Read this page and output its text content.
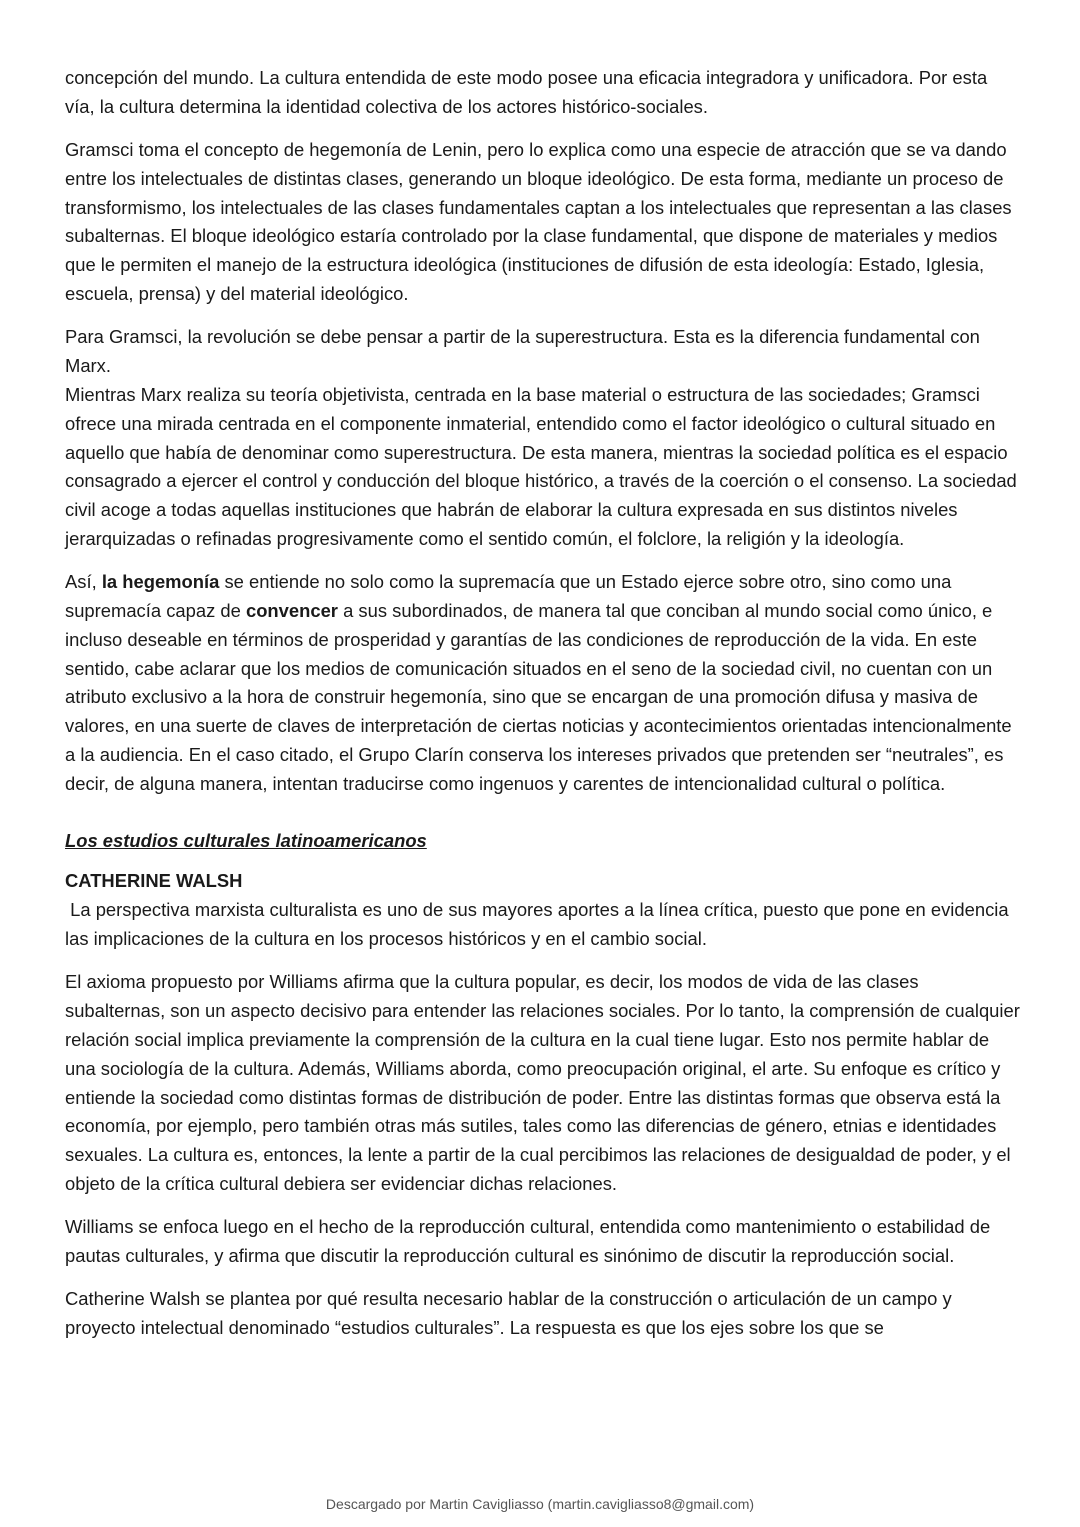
concepción del mundo. La cultura entendida de este modo posee una eficacia integradora y unificadora. Por esta vía, la cultura determina la identidad colectiva de los actores histórico-sociales.

Gramsci toma el concepto de hegemonía de Lenin, pero lo explica como una especie de atracción que se va dando entre los intelectuales de distintas clases, generando un bloque ideológico. De esta forma, mediante un proceso de transformismo, los intelectuales de las clases fundamentales captan a los intelectuales que representan a las clases subalternas. El bloque ideológico estaría controlado por la clase fundamental, que dispone de materiales y medios que le permiten el manejo de la estructura ideológica (instituciones de difusión de esta ideología: Estado, Iglesia, escuela, prensa) y del material ideológico.

Para Gramsci, la revolución se debe pensar a partir de la superestructura. Esta es la diferencia fundamental con Marx.

Mientras Marx realiza su teoría objetivista, centrada en la base material o estructura de las sociedades; Gramsci ofrece una mirada centrada en el componente inmaterial, entendido como el factor ideológico o cultural situado en aquello que había de denominar como superestructura. De esta manera, mientras la sociedad política es el espacio consagrado a ejercer el control y conducción del bloque histórico, a través de la coerción o el consenso. La sociedad civil acoge a todas aquellas instituciones que habrán de elaborar la cultura expresada en sus distintos niveles jerarquizadas o refinadas progresivamente como el sentido común, el folclore, la religión y la ideología.

Así, la hegemonía se entiende no solo como la supremacía que un Estado ejerce sobre otro, sino como una supremacía capaz de convencer a sus subordinados, de manera tal que conciban al mundo social como único, e incluso deseable en términos de prosperidad y garantías de las condiciones de reproducción de la vida. En este sentido, cabe aclarar que los medios de comunicación situados en el seno de la sociedad civil, no cuentan con un atributo exclusivo a la hora de construir hegemonía, sino que se encargan de una promoción difusa y masiva de valores, en una suerte de claves de interpretación de ciertas noticias y acontecimientos orientadas intencionalmente a la audiencia. En el caso citado, el Grupo Clarín conserva los intereses privados que pretenden ser “neutrales”, es decir, de alguna manera, intentan traducirse como ingenuos y carentes de intencionalidad cultural o política.

Los estudios culturales latinoamericanos
CATHERINE WALSH

La perspectiva marxista culturalista es uno de sus mayores aportes a la línea crítica, puesto que pone en evidencia las implicaciones de la cultura en los procesos históricos y en el cambio social.

El axioma propuesto por Williams afirma que la cultura popular, es decir, los modos de vida de las clases subalternas, son un aspecto decisivo para entender las relaciones sociales. Por lo tanto, la comprensión de cualquier relación social implica previamente la comprensión de la cultura en la cual tiene lugar. Esto nos permite hablar de una sociología de la cultura. Además, Williams aborda, como preocupación original, el arte. Su enfoque es crítico y entiende la sociedad como distintas formas de distribución de poder. Entre las distintas formas que observa está la economía, por ejemplo, pero también otras más sutiles, tales como las diferencias de género, etnias e identidades sexuales. La cultura es, entonces, la lente a partir de la cual percibimos las relaciones de desigualdad de poder, y el objeto de la crítica cultural debiera ser evidenciar dichas relaciones.

Williams se enfoca luego en el hecho de la reproducción cultural, entendida como mantenimiento o estabilidad de pautas culturales, y afirma que discutir la reproducción cultural es sinónimo de discutir la reproducción social.

Catherine Walsh se plantea por qué resulta necesario hablar de la construcción o articulación de un campo y proyecto intelectual denominado “estudios culturales”. La respuesta es que los ejes sobre los que se

Descargado por Martin Cavigliasso (martin.cavigliasso8@gmail.com)
